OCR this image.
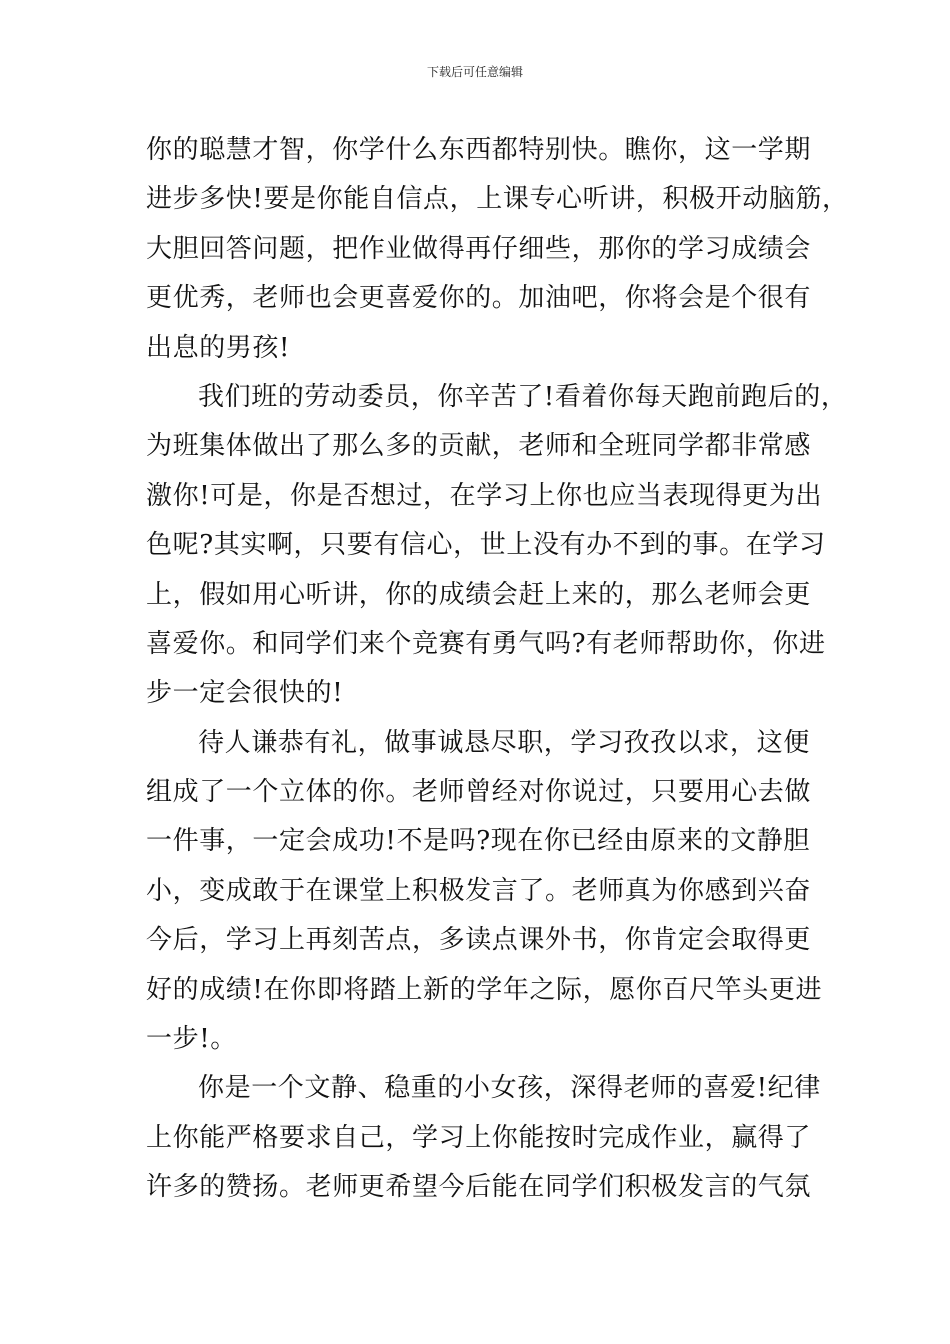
下载后可任意编辑
你的聪慧才智，你学什么东西都特别快。瞧你，这一学期
进步多快!要是你能自信点，上课专心听讲，积极开动脑筋，
大胆回答问题，把作业做得再仔细些，那你的学习成绩会
更优秀，老师也会更喜爱你的。加油吧，你将会是个很有
出息的男孩!
我们班的劳动委员，你辛苦了!看着你每天跑前跑后的，
为班集体做出了那么多的贡献，老师和全班同学都非常感
激你!可是，你是否想过，在学习上你也应当表现得更为出
色呢?其实啊，只要有信心，世上没有办不到的事。在学习
上，假如用心听讲，你的成绩会赶上来的，那么老师会更
喜爱你。和同学们来个竞赛有勇气吗?有老师帮助你，你进
步一定会很快的!
待人谦恭有礼，做事诚恳尽职，学习孜孜以求，这便
组成了一个立体的你。老师曾经对你说过，只要用心去做
一件事，一定会成功!不是吗?现在你已经由原来的文静胆
小，变成敢于在课堂上积极发言了。老师真为你感到兴奋
今后，学习上再刻苦点，多读点课外书，你肯定会取得更
好的成绩!在你即将踏上新的学年之际，愿你百尺竿头更进
一步!。
你是一个文静、稳重的小女孩，深得老师的喜爱!纪律
上你能严格要求自己，学习上你能按时完成作业，赢得了
许多的赞扬。老师更希望今后能在同学们积极发言的气氛
